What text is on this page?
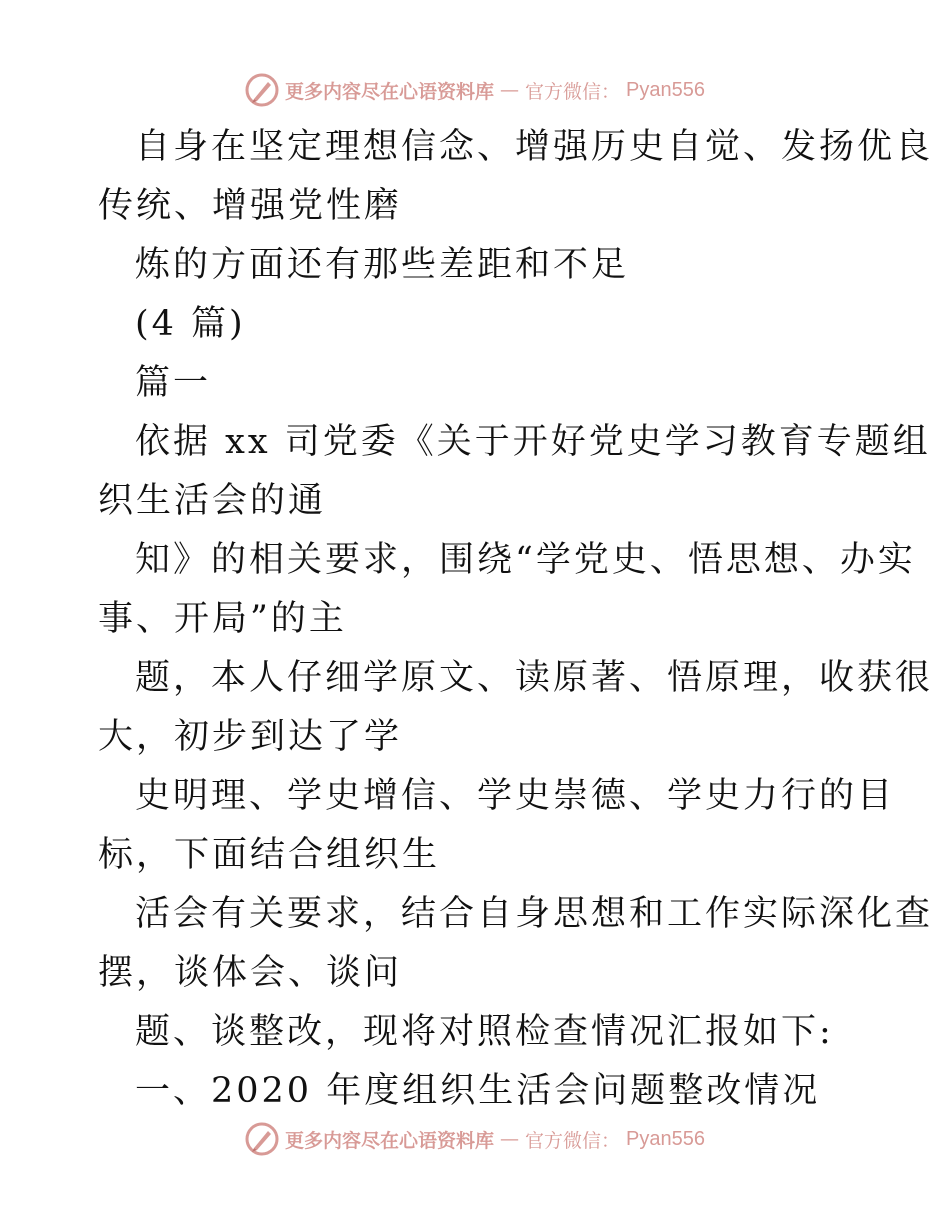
更多内容尽在心语资料库 — 官方微信： Pyan556
自身在坚定理想信念、增强历史自觉、发扬优良
传统、增强党性磨
炼的方面还有那些差距和不足
(4 篇)
篇一
依据 xx 司党委《关于开好党史学习教育专题组
织生活会的通
知》的相关要求，围绕“学党史、悟思想、办实
事、开局”的主
题，本人仔细学原文、读原著、悟原理，收获很
大，初步到达了学
史明理、学史增信、学史崇德、学史力行的目
标，下面结合组织生
活会有关要求，结合自身思想和工作实际深化查
摆，谈体会、谈问
题、谈整改，现将对照检查情况汇报如下:
一、2020 年度组织生活会问题整改情况
更多内容尽在心语资料库 — 官方微信： Pyan556
